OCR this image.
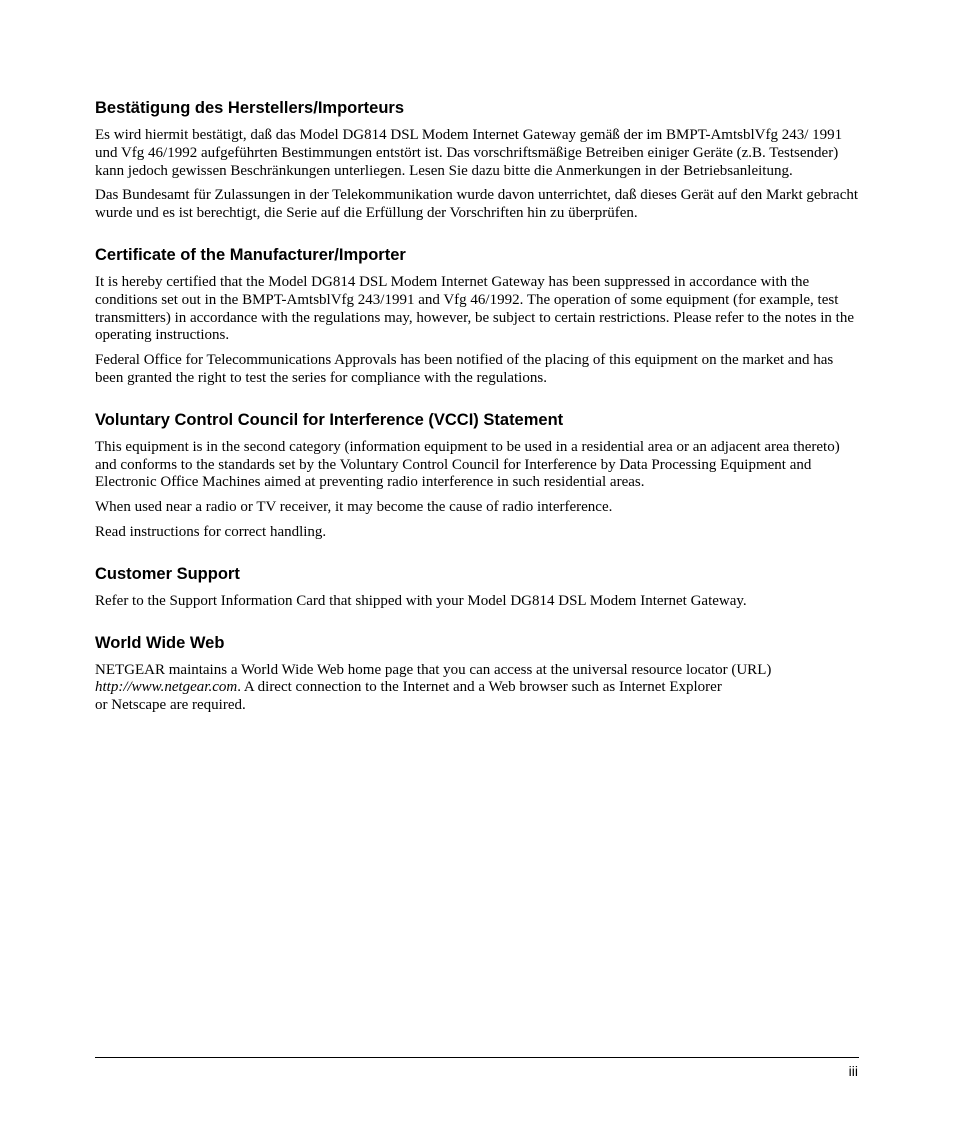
Bestätigung des Herstellers/Importeurs

Es wird hiermit bestätigt, daß das Model DG814 DSL Modem Internet Gateway gemäß der im BMPT-AmtsblVfg 243/ 1991 und Vfg 46/1992 aufgeführten Bestimmungen entstört ist. Das vorschriftsmäßige Betreiben einiger Geräte (z.B. Testsender) kann jedoch gewissen Beschränkungen unterliegen. Lesen Sie dazu bitte die Anmerkungen in der Betriebsanleitung.

Das Bundesamt für Zulassungen in der Telekommunikation wurde davon unterrichtet, daß dieses Gerät auf den Markt gebracht wurde und es ist berechtigt, die Serie auf die Erfüllung der Vorschriften hin zu überprüfen.

Certificate of the Manufacturer/Importer

It is hereby certified that the Model DG814 DSL Modem Internet Gateway has been suppressed in accordance with the conditions set out in the BMPT-AmtsblVfg 243/1991 and Vfg 46/1992. The operation of some equipment (for example, test transmitters) in accordance with the regulations may, however, be subject to certain restrictions. Please refer to the notes in the operating instructions.

Federal Office for Telecommunications Approvals has been notified of the placing of this equipment on the market and has been granted the right to test the series for compliance with the regulations.

Voluntary Control Council for Interference (VCCI) Statement

This equipment is in the second category (information equipment to be used in a residential area or an adjacent area thereto) and conforms to the standards set by the Voluntary Control Council for Interference by Data Processing Equipment and Electronic Office Machines aimed at preventing radio interference in such residential areas.

When used near a radio or TV receiver, it may become the cause of radio interference.

Read instructions for correct handling.

Customer Support

Refer to the Support Information Card that shipped with your Model DG814 DSL Modem Internet Gateway.

World Wide Web

NETGEAR maintains a World Wide Web home page that you can access at the universal resource locator (URL)
http://www.netgear.com. A direct connection to the Internet and a Web browser such as Internet Explorer
or Netscape are required.

iii
